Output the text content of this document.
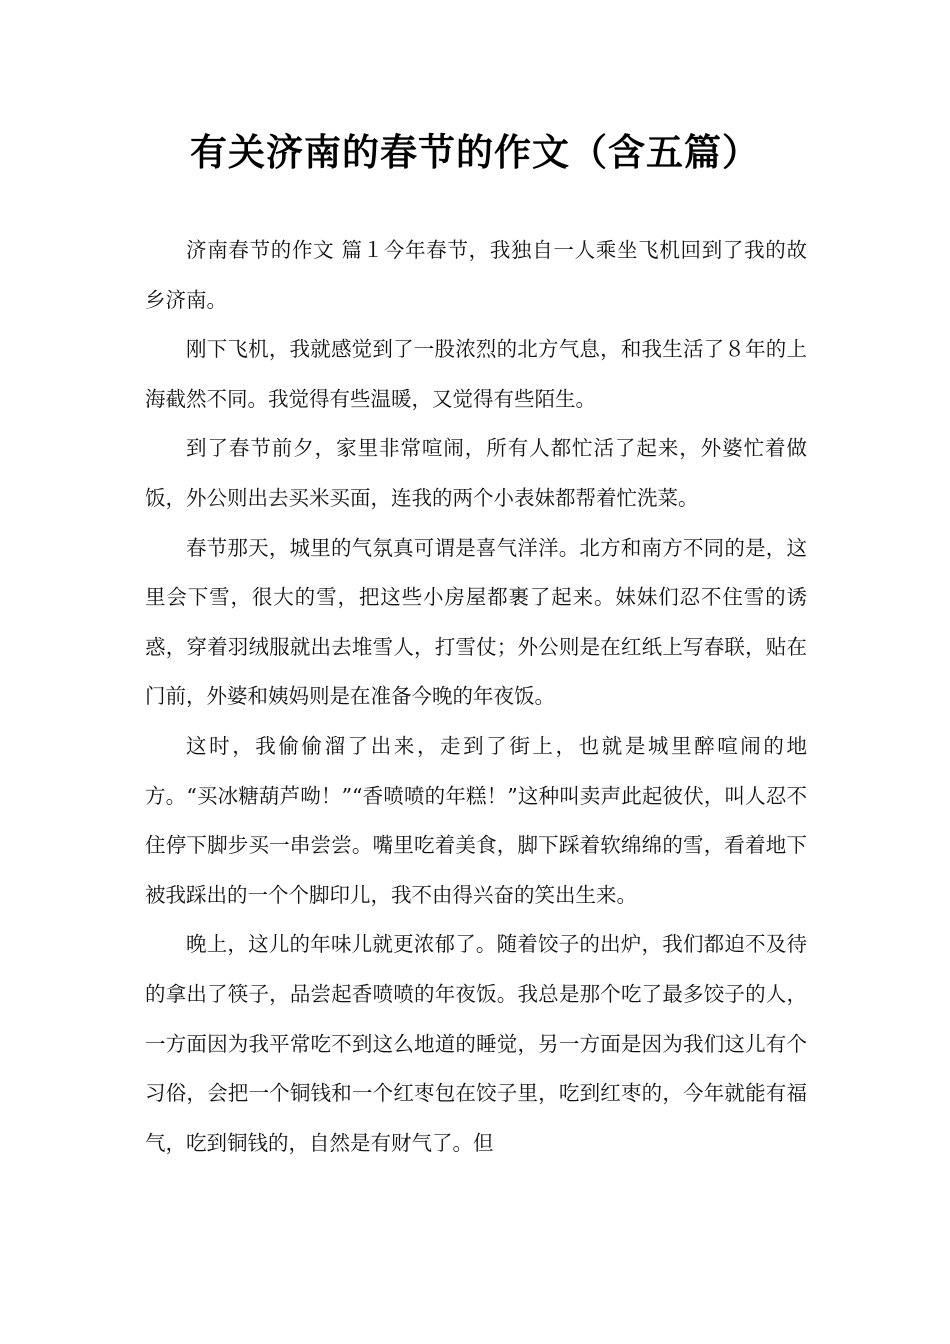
有关济南的春节的作文（含五篇）

济南春节的作文 篇１今年春节，我独自一人乘坐飞机回到了我的故乡济南。

刚下飞机，我就感觉到了一股浓烈的北方气息，和我生活了８年的上海截然不同。我觉得有些温暖，又觉得有些陌生。

到了春节前夕，家里非常喧闹，所有人都忙活了起来，外婆忙着做饭，外公则出去买米买面，连我的两个小表妹都帮着忙洗菜。

春节那天，城里的气氛真可谓是喜气洋洋。北方和南方不同的是，这里会下雪，很大的雪，把这些小房屋都裹了起来。妹妹们忍不住雪的诱惑，穿着羽绒服就出去堆雪人，打雪仗；外公则是在红纸上写春联，贴在门前，外婆和姨妈则是在准备今晚的年夜饭。

这时，我偷偷溜了出来，走到了街上，也就是城里醉喧闹的地方。“买冰糖葫芦呦！”“香喷喷的年糕！”这种叫卖声此起彼伏，叫人忍不住停下脚步买一串尝尝。嘴里吃着美食，脚下踩着软绵绵的雪，看着地下被我踩出的一个个脚印儿，我不由得兴奋的笑出生来。

晚上，这儿的年味儿就更浓郁了。随着饺子的出炉，我们都迫不及待的拿出了筷子，品尝起香喷喷的年夜饭。我总是那个吃了最多饺子的人，一方面因为我平常吃不到这么地道的睡觉，另一方面是因为我们这儿有个习俗，会把一个铜钱和一个红枣包在饺子里，吃到红枣的，今年就能有福气，吃到铜钱的，自然是有财气了。但
